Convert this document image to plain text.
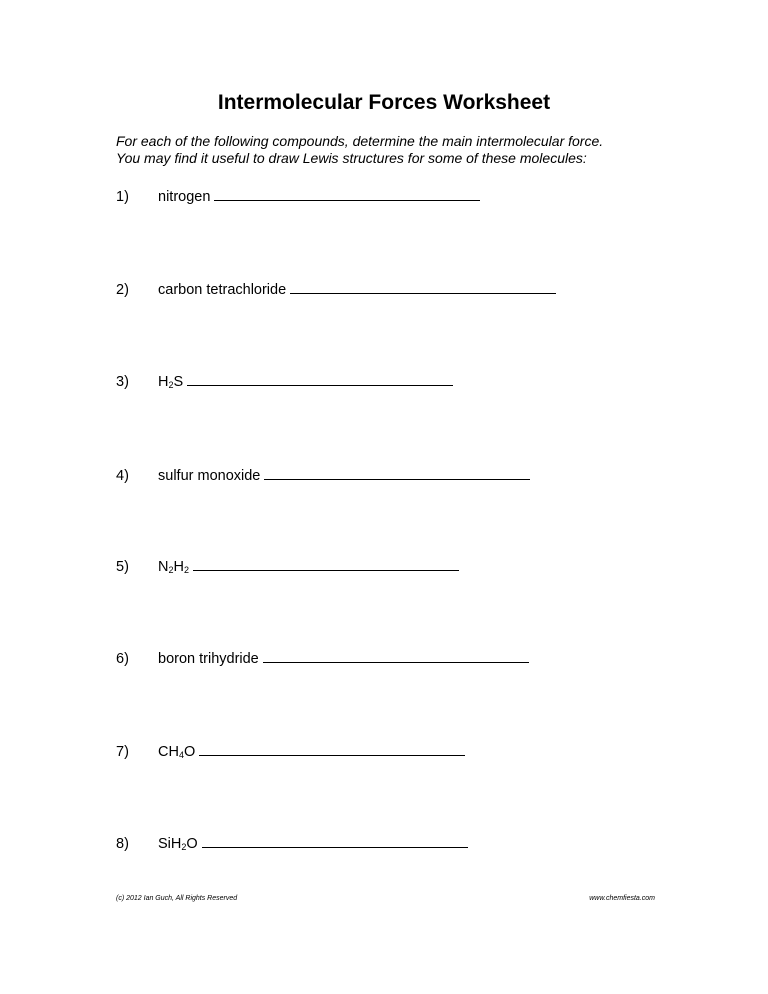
Intermolecular Forces Worksheet
For each of the following compounds, determine the main intermolecular force.
You may find it useful to draw Lewis structures for some of these molecules:
1) nitrogen
2) carbon tetrachloride
3) $H_2S$
4) sulfur monoxide
5) $N_2H_2$
6) boron trihydride
7) $CH_4O$
8) SiH$_2$O
(c) 2012 Ian Guch, All Rights Reserved	www.chemfiesta.com
